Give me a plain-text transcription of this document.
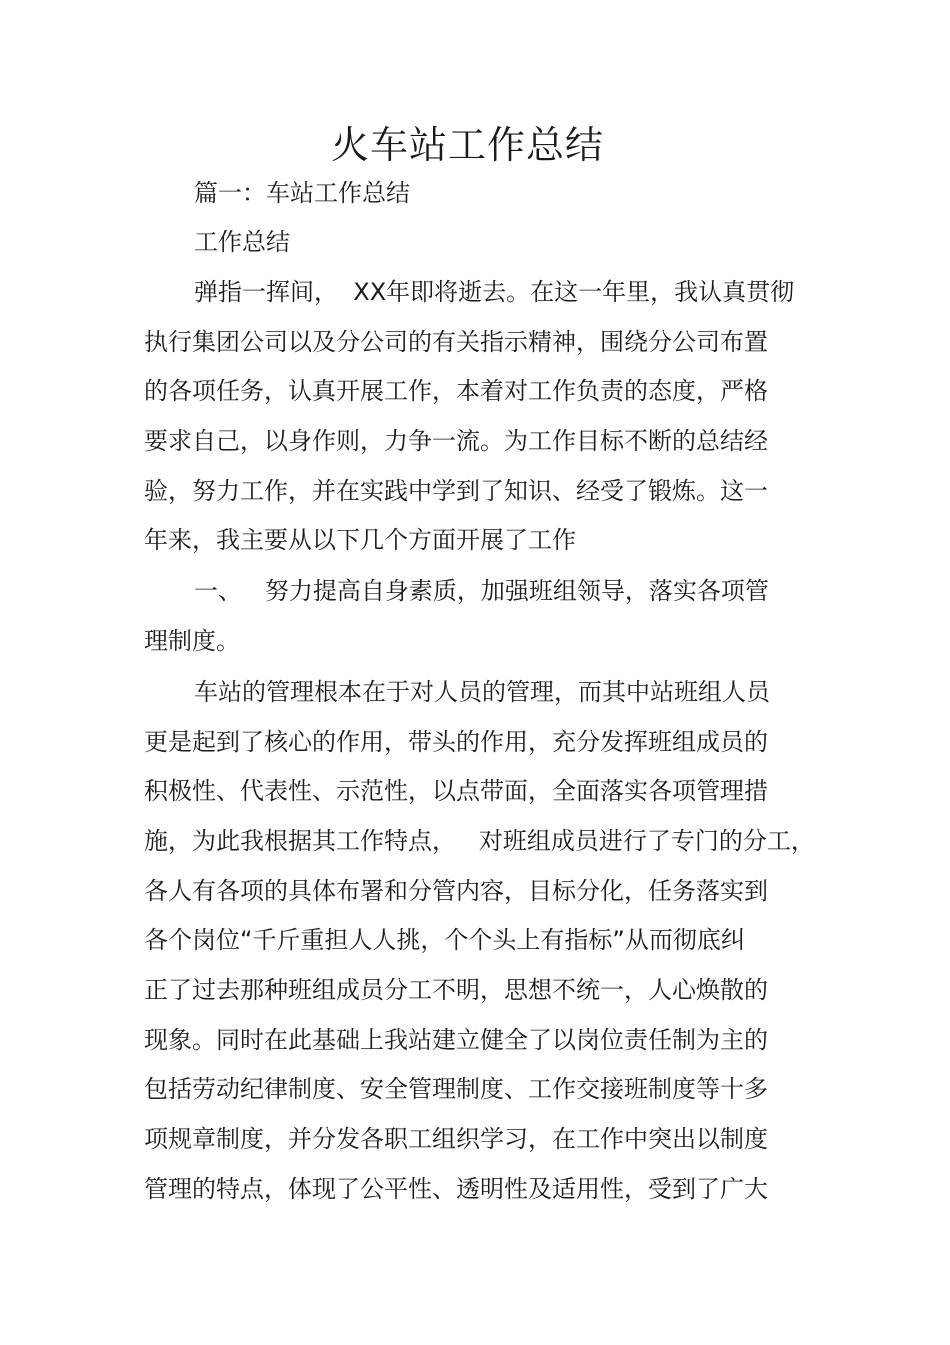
火车站工作总结
篇一：车站工作总结
工作总结
弹指一挥间，  XX年即将逝去。在这一年里，我认真贯彻
执行集团公司以及分公司的有关指示精神，围绕分公司布置
的各项任务，认真开展工作，本着对工作负责的态度，严格
要求自己，以身作则，力争一流。为工作目标不断的总结经
验，努力工作，并在实践中学到了知识、经受了锻炼。这一
年来，我主要从以下几个方面开展了工作
一、   努力提高自身素质，加强班组领导，落实各项管
理制度。
车站的管理根本在于对人员的管理，而其中站班组人员
更是起到了核心的作用，带头的作用，充分发挥班组成员的
积极性、代表性、示范性，以点带面，全面落实各项管理措
施，为此我根据其工作特点，   对班组成员进行了专门的分工，
各人有各项的具体布署和分管内容，目标分化，任务落实到
各个岗位“千斤重担人人挑，个个头上有指标”从而彻底纠
正了过去那种班组成员分工不明，思想不统一，人心焕散的
现象。同时在此基础上我站建立健全了以岗位责任制为主的
包括劳动纪律制度、安全管理制度、工作交接班制度等十多
项规章制度，并分发各职工组织学习，在工作中突出以制度
管理的特点，体现了公平性、透明性及适用性，受到了广大
